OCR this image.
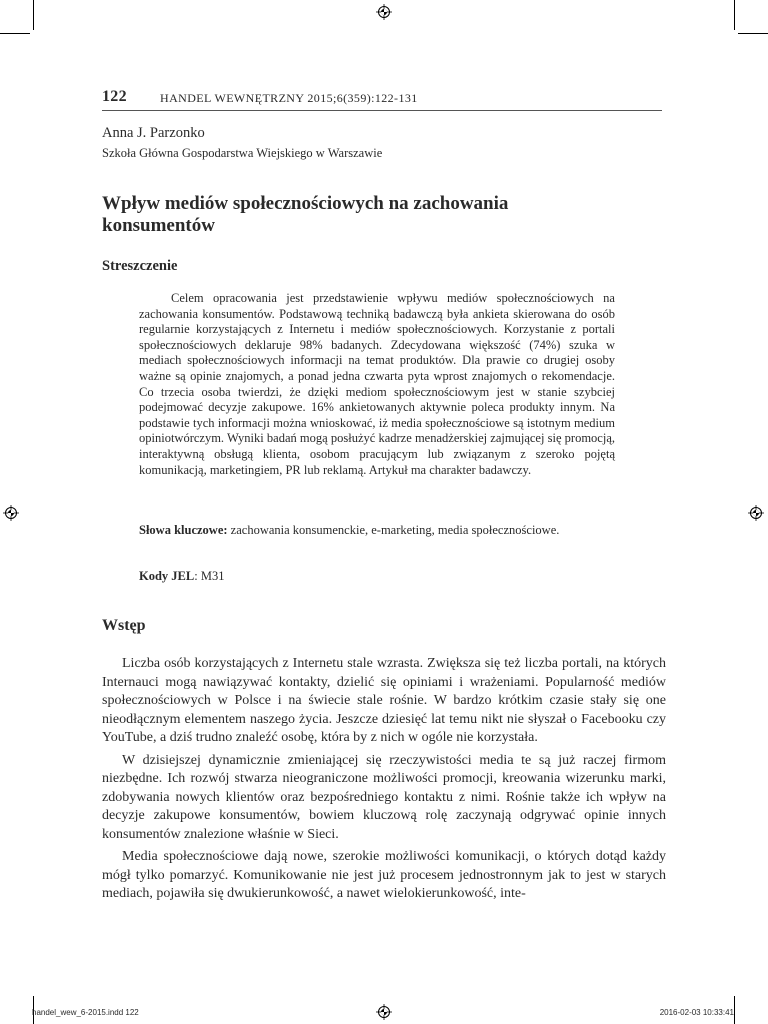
122	HANDEL WEWNĘTRZNY 2015;6(359):122-131
Anna J. Parzonko
Szkoła Główna Gospodarstwa Wiejskiego w Warszawie
Wpływ mediów społecznościowych na zachowania konsumentów
Streszczenie

Celem opracowania jest przedstawienie wpływu mediów społecznościowych na zachowania konsumentów. Podstawową techniką badawczą była ankieta skierowana do osób regularnie korzystających z Internetu i mediów społecznościowych. Korzystanie z portali społecznościowych deklaruje 98% badanych. Zdecydowana większość (74%) szuka w mediach społecznościowych informacji na temat produktów. Dla prawie co drugiej osoby ważne są opinie znajomych, a ponad jedna czwarta pyta wprost znajomych o rekomendacje. Co trzecia osoba twierdzi, że dzięki mediom społecznościowym jest w stanie szybciej podejmować decyzje zakupowe. 16% ankietowanych aktywnie poleca produkty innym. Na podstawie tych informacji można wnioskować, iż media społecznościowe są istotnym medium opiniotwórczym. Wyniki badań mogą posłużyć kadrze menadżerskiej zajmującej się promocją, interaktywną obsługą klienta, osobom pracującym lub związanym z szeroko pojętą komunikacją, marketingiem, PR lub reklamą. Artykuł ma charakter badawczy.

Słowa kluczowe: zachowania konsumenckie, e-marketing, media społecznościowe.

Kody JEL: M31
Wstęp

Liczba osób korzystających z Internetu stale wzrasta. Zwiększa się też liczba portali, na których Internauci mogą nawiązywać kontakty, dzielić się opiniami i wrażeniami. Popularność mediów społecznościowych w Polsce i na świecie stale rośnie. W bardzo krótkim czasie stały się one nieodłącznym elementem naszego życia. Jeszcze dziesięć lat temu nikt nie słyszał o Facebooku czy YouTube, a dziś trudno znaleźć osobę, która by z nich w ogóle nie korzystała.

W dzisiejszej dynamicznie zmieniającej się rzeczywistości media te są już raczej firmom niezbędne. Ich rozwój stwarza nieograniczone możliwości promocji, kreowania wizerunku marki, zdobywania nowych klientów oraz bezpośredniego kontaktu z nimi. Rośnie także ich wpływ na decyzje zakupowe konsumentów, bowiem kluczową rolę zaczynają odgrywać opinie innych konsumentów znalezione właśnie w Sieci.

Media społecznościowe dają nowe, szerokie możliwości komunikacji, o których dotąd każdy mógł tylko pomarzyć. Komunikowanie nie jest już procesem jednostronnym jak to jest w starych mediach, pojawiła się dwukierunkowość, a nawet wielokierunkowość, inte-

handel_wew_6-2015.indd 122	2016-02-03 10:33:41
